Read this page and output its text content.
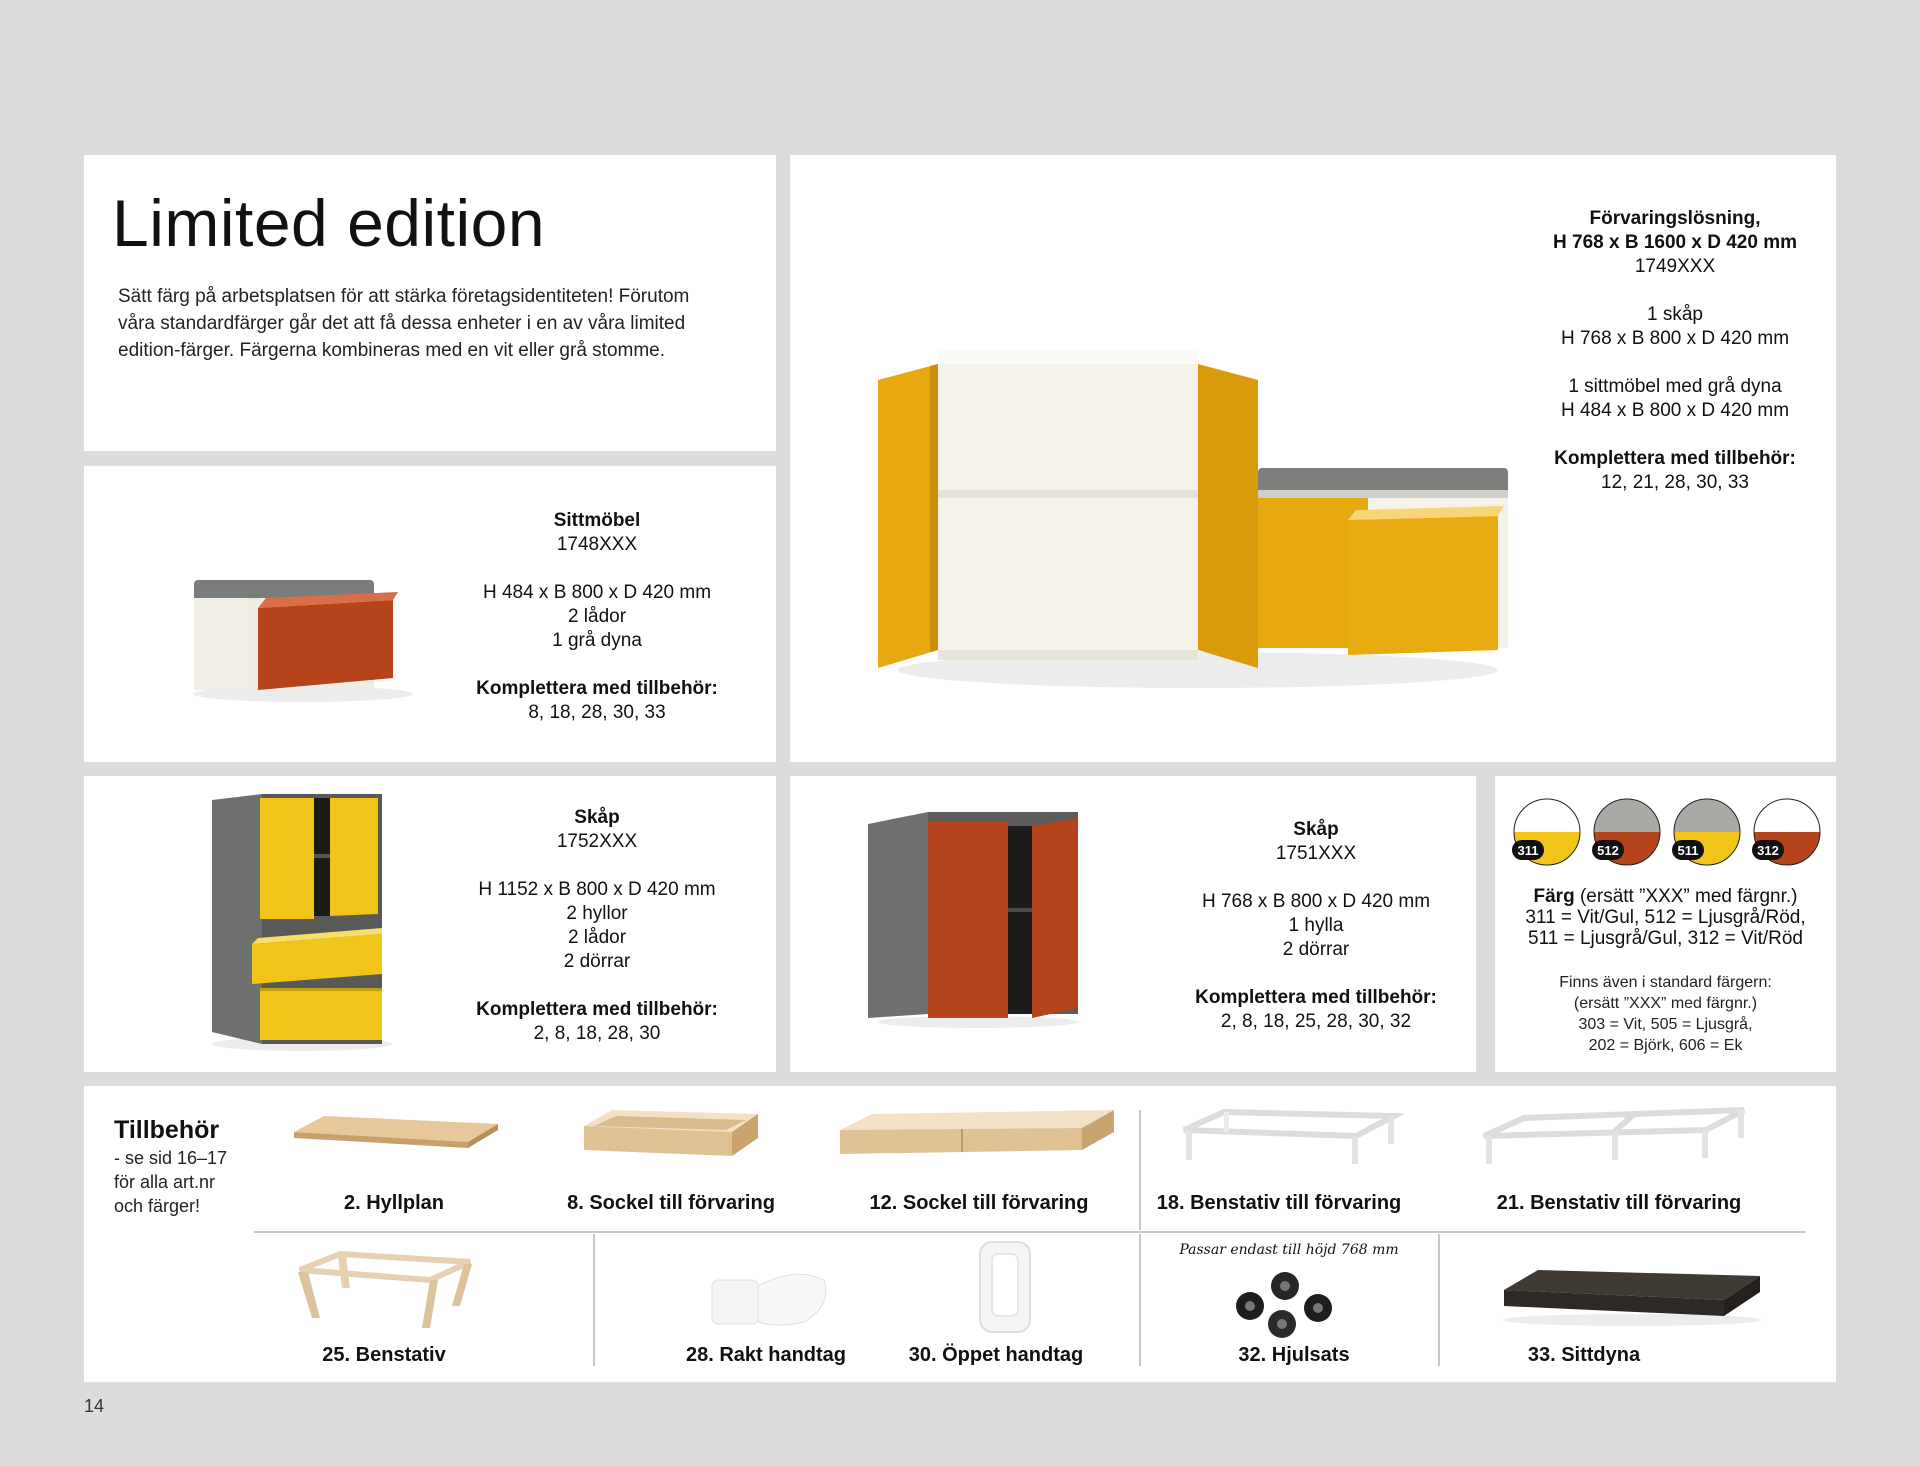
Limited edition
Sätt färg på arbetsplatsen för att stärka företagsidentiteten! Förutom våra standardfärger går det att få dessa enheter i en av våra limited edition-färger. Färgerna kombineras med en vit eller grå stomme.
Förvaringslösning,
H 768 x B 1600 x D 420 mm
1749XXX
1 skåp
H 768 x B 800 x D 420 mm
1 sittmöbel med grå dyna
H 484 x B 800 x D 420 mm
Komplettera med tillbehör:
12, 21, 28, 30, 33
Sittmöbel
1748XXX
H 484 x B 800 x D 420 mm
2 lådor
1 grå dyna
Komplettera med tillbehör:
8, 18, 28, 30, 33
Skåp
1752XXX
H 1152 x B 800 x D 420 mm
2 hyllor
2 lådor
2 dörrar
Komplettera med tillbehör:
2, 8, 18, 28, 30
Skåp
1751XXX
H 768 x B 800 x D 420 mm
1 hylla
2 dörrar
Komplettera med tillbehör:
2, 8, 18, 25, 28, 30, 32
311	512	511	312
Färg (ersätt ”XXX” med färgnr.)
311 = Vit/Gul, 512 = Ljusgrå/Röd,
511 = Ljusgrå/Gul, 312 = Vit/Röd
Finns även i standard färgern:
(ersätt ”XXX” med färgnr.)
303 = Vit, 505 = Ljusgrå,
202 = Björk, 606 = Ek
Tillbehör
- se sid 16–17
för alla art.nr
och färger!
Passar endast till höjd 768 mm
2. Hyllplan	8. Sockel till förvaring	12. Sockel till förvaring	18. Benstativ till förvaring	21. Benstativ till förvaring
25. Benstativ	28. Rakt handtag	30. Öppet handtag	32. Hjulsats	33. Sittdyna
14
